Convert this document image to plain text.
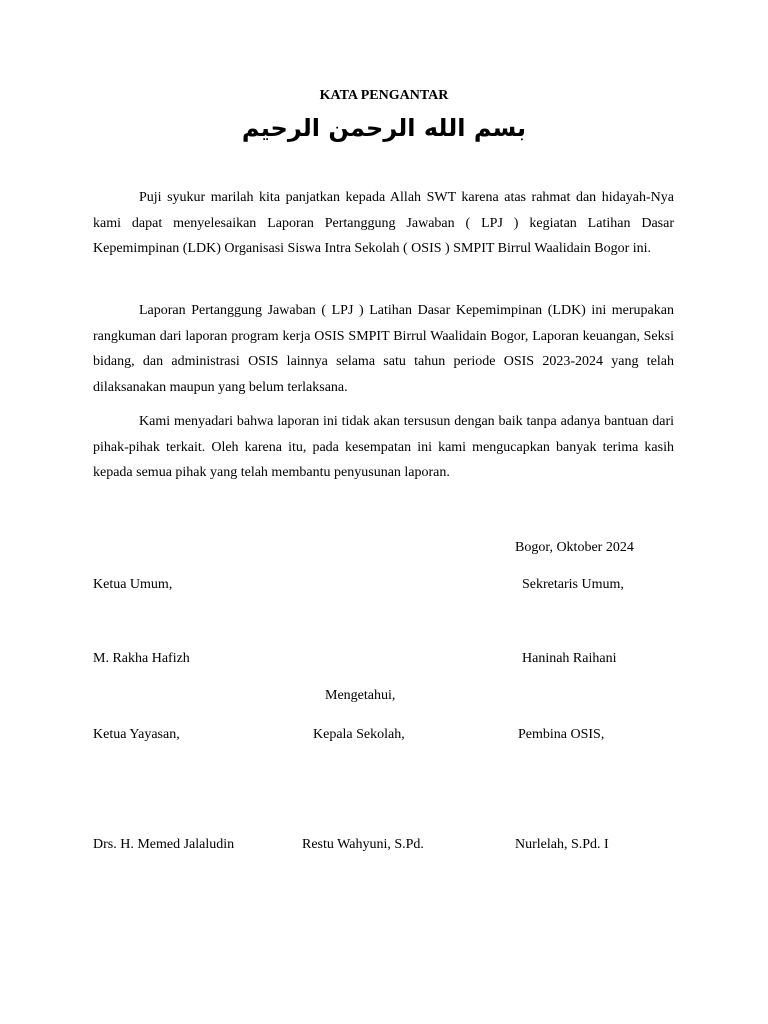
KATA PENGANTAR
بسم الله الرحمن الرحيم

Puji syukur marilah kita panjatkan kepada Allah SWT karena atas rahmat dan hidayah-Nya kami dapat menyelesaikan Laporan Pertanggung Jawaban ( LPJ ) kegiatan Latihan Dasar Kepemimpinan (LDK) Organisasi Siswa Intra Sekolah ( OSIS ) SMPIT Birrul Waalidain Bogor ini.

Laporan Pertanggung Jawaban ( LPJ ) Latihan Dasar Kepemimpinan (LDK) ini merupakan rangkuman dari laporan program kerja OSIS SMPIT Birrul Waalidain Bogor, Laporan keuangan, Seksi bidang, dan administrasi OSIS lainnya selama satu tahun periode OSIS 2023-2024 yang telah dilaksanakan maupun yang belum terlaksana.

Kami menyadari bahwa laporan ini tidak akan tersusun dengan baik tanpa adanya bantuan dari pihak-pihak terkait. Oleh karena itu, pada kesempatan ini kami mengucapkan banyak terima kasih kepada semua pihak yang telah membantu penyusunan laporan.

Bogor, Oktober 2024
Ketua Umum,	Sekretaris Umum,
M. Rakha Hafizh	Haninah Raihani
Mengetahui,
Ketua Yayasan,	Kepala Sekolah,	Pembina OSIS,
Drs. H. Memed Jalaludin	Restu Wahyuni, S.Pd.	Nurlelah, S.Pd. I
